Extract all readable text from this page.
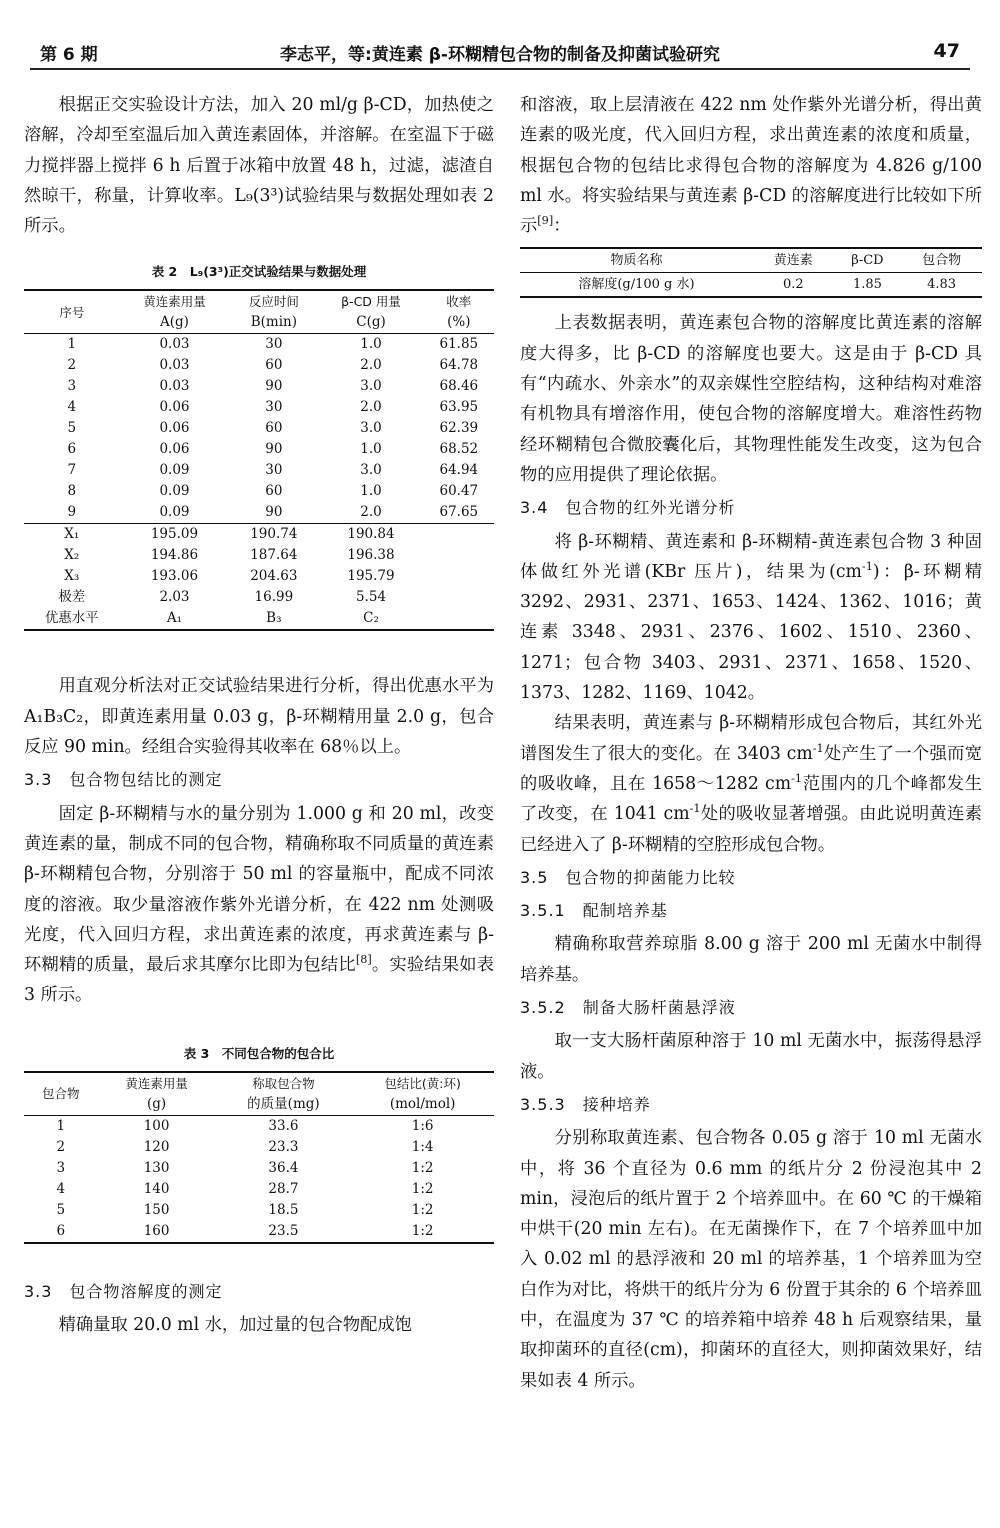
第 6 期	李志平，等:黄连素 β-环糊精包合物的制备及抑菌试验研究	47

根据正交实验设计方法，加入 20 ml/g β-CD，加热使之溶解，冷却至室温后加入黄连素固体，并溶解。在室温下于磁力搅拌器上搅拌 6 h 后置于冰箱中放置 48 h，过滤，滤渣自然晾干，称量，计算收率。L₉(3³)试验结果与数据处理如表 2 所示。

表 2　L₉(3³)正交试验结果与数据处理
序号	黄连素用量	反应时间	β-CD 用量	收率
	A(g)	B(min)	C(g)	(%)
1	0.03	30	1.0	61.85
2	0.03	60	2.0	64.78
3	0.03	90	3.0	68.46
4	0.06	30	2.0	63.95
5	0.06	60	3.0	62.39
6	0.06	90	1.0	68.52
7	0.09	30	3.0	64.94
8	0.09	60	1.0	60.47
9	0.09	90	2.0	67.65
X₁	195.09	190.74	190.84	
X₂	194.86	187.64	196.38	
X₃	193.06	204.63	195.79	
极差	2.03	16.99	5.54	
优惠水平	A₁	B₃	C₂	

用直观分析法对正交试验结果进行分析，得出优惠水平为 A₁B₃C₂，即黄连素用量 0.03 g，β-环糊精用量 2.0 g，包合反应 90 min。经组合实验得其收率在 68％以上。

3.3　包合物包结比的测定

固定 β-环糊精与水的量分别为 1.000 g 和 20 ml，改变黄连素的量，制成不同的包合物，精确称取不同质量的黄连素 β-环糊精包合物，分别溶于 50 ml 的容量瓶中，配成不同浓度的溶液。取少量溶液作紫外光谱分析，在 422 nm 处测吸光度，代入回归方程，求出黄连素的浓度，再求黄连素与 β-环糊精的质量，最后求其摩尔比即为包结比[8]。实验结果如表 3 所示。

表 3　不同包合物的包合比
包合物	黄连素用量	称取包合物	包结比(黄:环)
	(g)	的质量(mg)	(mol/mol)
1	100	33.6	1:6
2	120	23.3	1:4
3	130	36.4	1:2
4	140	28.7	1:2
5	150	18.5	1:2
6	160	23.5	1:2
3.3　包合物溶解度的测定

精确量取 20.0 ml 水，加过量的包合物配成饱

和溶液，取上层清液在 422 nm 处作紫外光谱分析，得出黄连素的吸光度，代入回归方程，求出黄连素的浓度和质量，根据包合物的包结比求得包合物的溶解度为 4.826 g/100 ml 水。将实验结果与黄连素 β-CD 的溶解度进行比较如下所示[9]：

物质名称	黄连素	β-CD	包合物
溶解度(g/100 g 水)	0.2	1.85	4.83

上表数据表明，黄连素包合物的溶解度比黄连素的溶解度大得多，比 β-CD 的溶解度也要大。这是由于 β-CD 具有“内疏水、外亲水”的双亲媒性空腔结构，这种结构对难溶有机物具有增溶作用，使包合物的溶解度增大。难溶性药物经环糊精包合微胶囊化后，其物理性能发生改变，这为包合物的应用提供了理论依据。

3.4　包合物的红外光谱分析

将 β-环糊精、黄连素和 β-环糊精-黄连素包合物 3 种固体做红外光谱(KBr 压片)，结果为$(cm^{-1})$：β-环糊精 3292、2931、2371、1653、1424、1362、1016；黄连素 3348、2931、2376、1602、1510、2360、1271；包合物 3403、2931、2371、1658、1520、1373、1282、1169、1042。

结果表明，黄连素与 β-环糊精形成包合物后，其红外光谱图发生了很大的变化。在 3403 $cm^{-1}$处产生了一个强而宽的吸收峰，且在 1658～1282 $cm^{-1}$范围内的几个峰都发生了改变，在 1041 $cm^{-1}$处的吸收显著增强。由此说明黄连素已经进入了 β-环糊精的空腔形成包合物。

3.5　包合物的抑菌能力比较
3.5.1　配制培养基

精确称取营养琼脂 8.00 g 溶于 200 ml 无菌水中制得培养基。

3.5.2　制备大肠杆菌悬浮液

取一支大肠杆菌原种溶于 10 ml 无菌水中，振荡得悬浮液。

3.5.3　接种培养

分别称取黄连素、包合物各 0.05 g 溶于 10 ml 无菌水中，将 36 个直径为 0.6 mm 的纸片分 2 份浸泡其中 2 min，浸泡后的纸片置于 2 个培养皿中。在 60 ℃ 的干燥箱中烘干(20 min 左右)。在无菌操作下，在 7 个培养皿中加入 0.02 ml 的悬浮液和 20 ml 的培养基，1 个培养皿为空白作为对比，将烘干的纸片分为 6 份置于其余的 6 个培养皿中，在温度为 37 ℃ 的培养箱中培养 48 h 后观察结果，量取抑菌环的直径(cm)，抑菌环的直径大，则抑菌效果好，结果如表 4 所示。
